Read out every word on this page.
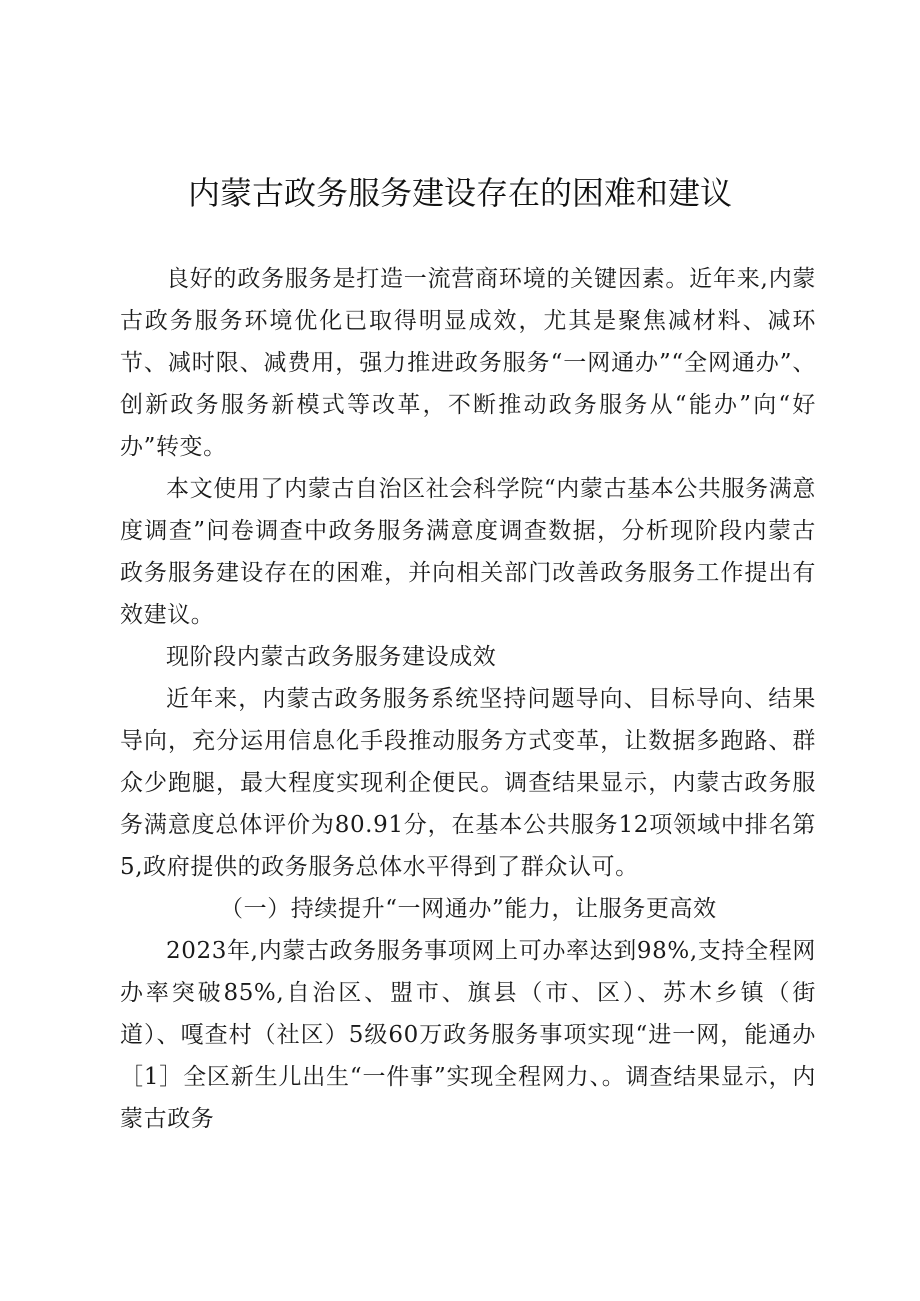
内蒙古政务服务建设存在的困难和建议

良好的政务服务是打造一流营商环境的关键因素。近年来,内蒙古政务服务环境优化已取得明显成效，尤其是聚焦减材料、减环节、减时限、减费用，强力推进政务服务“一网通办”“全网通办”、创新政务服务新模式等改革，不断推动政务服务从“能办”向“好办”转变。

本文使用了内蒙古自治区社会科学院“内蒙古基本公共服务满意度调查”问卷调查中政务服务满意度调查数据，分析现阶段内蒙古政务服务建设存在的困难，并向相关部门改善政务服务工作提出有效建议。

现阶段内蒙古政务服务建设成效

近年来，内蒙古政务服务系统坚持问题导向、目标导向、结果导向，充分运用信息化手段推动服务方式变革，让数据多跑路、群众少跑腿，最大程度实现利企便民。调查结果显示，内蒙古政务服务满意度总体评价为80.91分，在基本公共服务12项领域中排名第5,政府提供的政务服务总体水平得到了群众认可。

（一）持续提升“一网通办”能力，让服务更高效

2023年,内蒙古政务服务事项网上可办率达到98%,支持全程网办率突破85%,自治区、盟市、旗县（市、区）、苏木乡镇（街道）、嘎查村（社区）5级60万政务服务事项实现“进一网，能通办［1］全区新生儿出生“一件事”实现全程网力、。调查结果显示，内蒙古政务
